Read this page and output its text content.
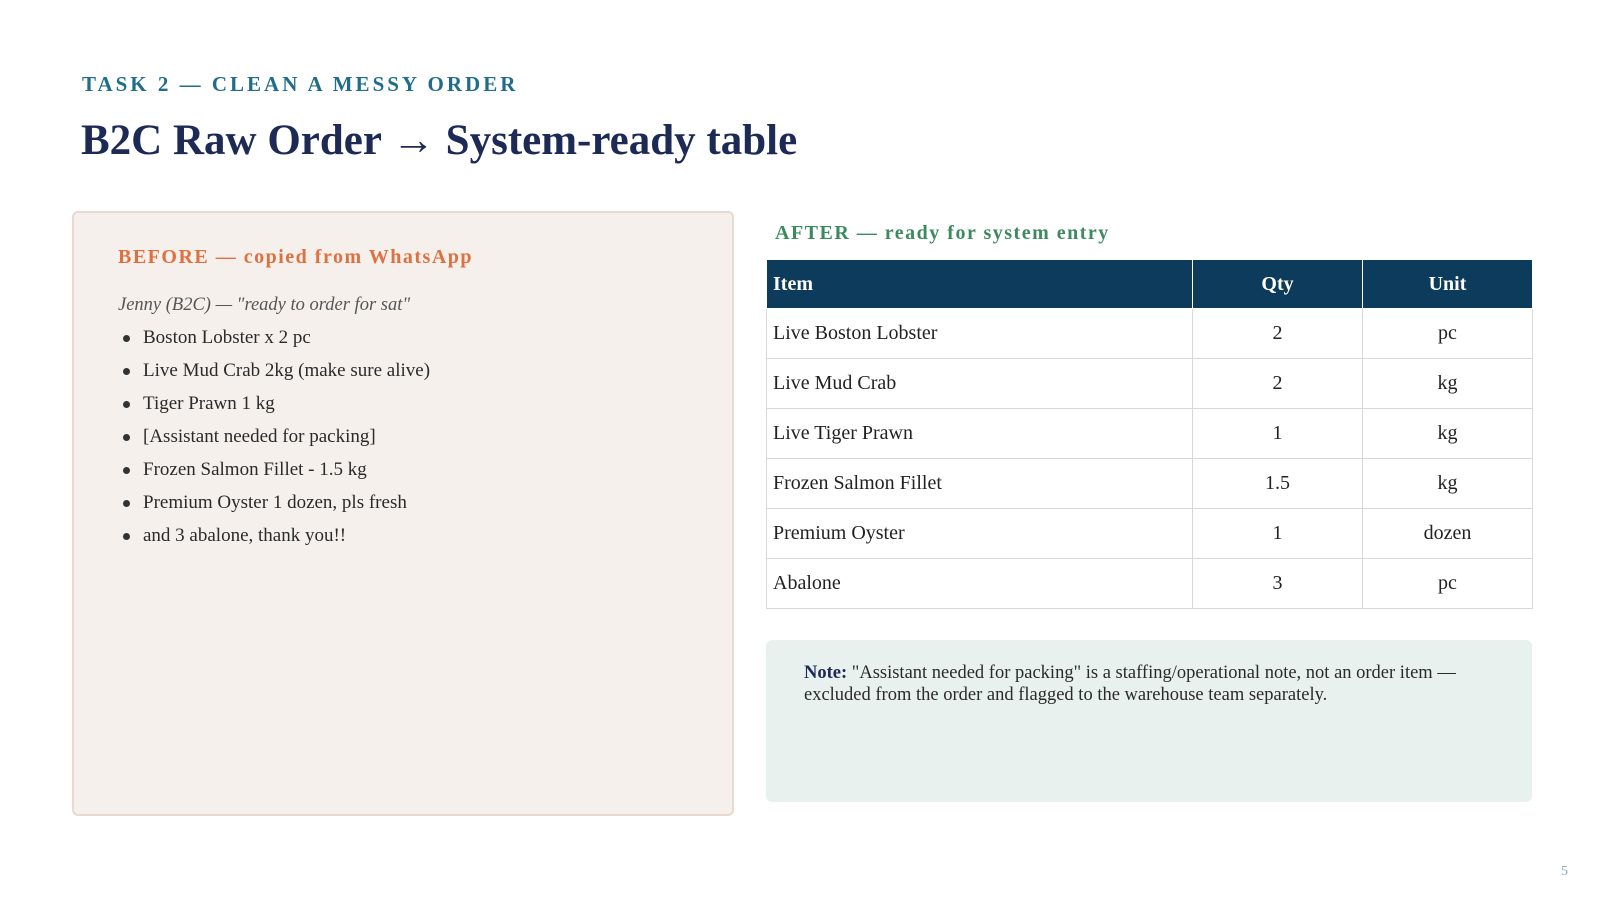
TASK 2 — CLEAN A MESSY ORDER
B2C Raw Order → System-ready table
BEFORE — copied from WhatsApp
Jenny (B2C) — "ready to order for sat"
Boston Lobster x 2 pc
Live Mud Crab 2kg (make sure alive)
Tiger Prawn 1 kg
[Assistant needed for packing]
Frozen Salmon Fillet - 1.5 kg
Premium Oyster 1 dozen, pls fresh
and 3 abalone, thank you!!
AFTER — ready for system entry
Item	Qty	Unit
Live Boston Lobster	2	pc
Live Mud Crab	2	kg
Live Tiger Prawn	1	kg
Frozen Salmon Fillet	1.5	kg
Premium Oyster	1	dozen
Abalone	3	pc
Note: "Assistant needed for packing" is a staffing/operational note, not an order item — excluded from the order and flagged to the warehouse team separately.
5
